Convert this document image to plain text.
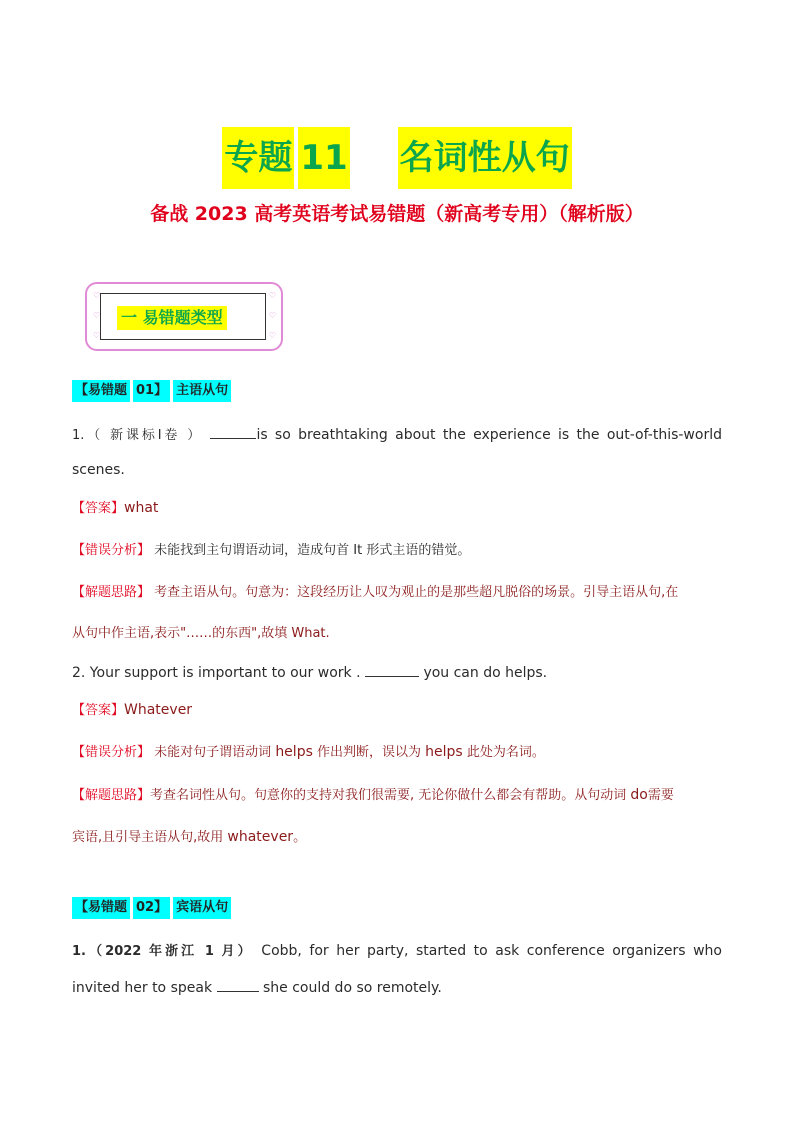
专题 11 名词性从句
备战 2023 高考英语考试易错题（新高考专用）（解析版）
♡
♡
♡
♡
♡
♡
一 易错题类型
【易错题 01】 主语从句
1.（ 新课标Ⅰ卷 ）	is so breathtaking about the experience is the out-of-this-world
scenes.
【答案】what
【错误分析】 未能找到主句谓语动词，造成句首 It 形式主语的错觉。
【解题思路】 考查主语从句。句意为：这段经历让人叹为观止的是那些超凡脱俗的场景。引导主语从句,在
从句中作主语,表示"……的东西",故填 What.
2. Your support is important to our work .	you can do helps.
【答案】Whatever
【错误分析】 未能对句子谓语动词 helps 作出判断，误以为 helps 此处为名词。
【解题思路】考查名词性从句。句意你的支持对我们很需要, 无论你做什么都会有帮助。从句动词 do需要
宾语,且引导主语从句,故用 whatever。
【易错题 02】 宾语从句
1.（2022 年浙江 1 月） Cobb, for her party, started to ask conference organizers who
invited her to speak	she could do so remotely.
